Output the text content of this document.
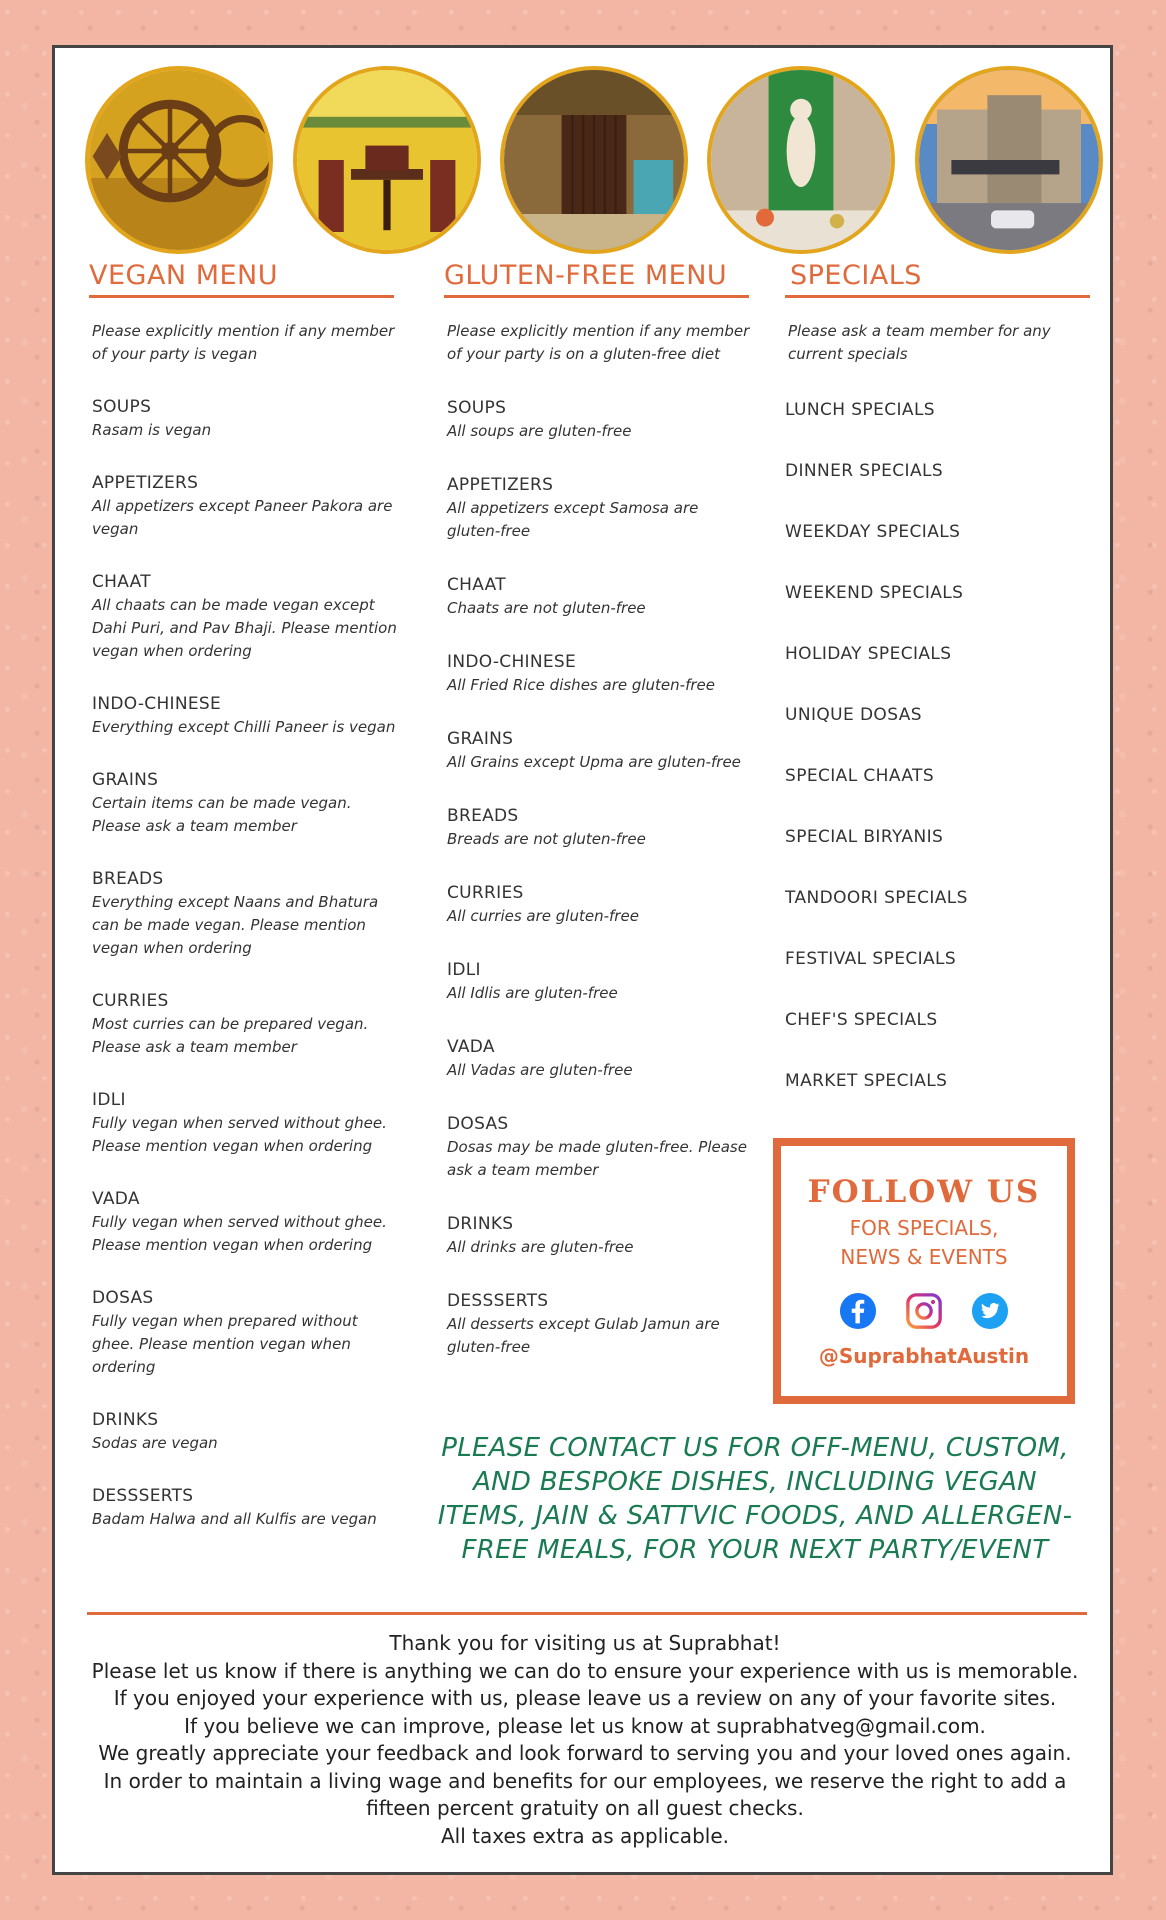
VEGAN MENU
Please explicitly mention if any member of your party is vegan
SOUPS
Rasam is vegan
APPETIZERS
All appetizers except Paneer Pakora are vegan
CHAAT
All chaats can be made vegan except Dahi Puri, and Pav Bhaji. Please mention vegan when ordering
INDO-CHINESE
Everything except Chilli Paneer is vegan
GRAINS
Certain items can be made vegan. Please ask a team member
BREADS
Everything except Naans and Bhatura can be made vegan. Please mention vegan when ordering
CURRIES
Most curries can be prepared vegan. Please ask a team member
IDLI
Fully vegan when served without ghee. Please mention vegan when ordering
VADA
Fully vegan when served without ghee. Please mention vegan when ordering
DOSAS
Fully vegan when prepared without ghee. Please mention vegan when ordering
DRINKS
Sodas are vegan
DESSSERTS
Badam Halwa and all Kulfis are vegan
GLUTEN-FREE MENU
Please explicitly mention if any member of your party is on a gluten-free diet
SOUPS
All soups are gluten-free
APPETIZERS
All appetizers except Samosa are gluten-free
CHAAT
Chaats are not gluten-free
INDO-CHINESE
All Fried Rice dishes are gluten-free
GRAINS
All Grains except Upma are gluten-free
BREADS
Breads are not gluten-free
CURRIES
All curries are gluten-free
IDLI
All Idlis are gluten-free
VADA
All Vadas are gluten-free
DOSAS
Dosas may be made gluten-free. Please ask a team member
DRINKS
All drinks are gluten-free
DESSSERTS
All desserts except Gulab Jamun are gluten-free
SPECIALS
Please ask a team member for any current specials
LUNCH SPECIALS
DINNER SPECIALS
WEEKDAY SPECIALS
WEEKEND SPECIALS
HOLIDAY SPECIALS
UNIQUE DOSAS
SPECIAL CHAATS
SPECIAL BIRYANIS
TANDOORI SPECIALS
FESTIVAL SPECIALS
CHEF'S SPECIALS
MARKET SPECIALS
FOLLOW US
FOR SPECIALS,
NEWS & EVENTS
@SuprabhatAustin
PLEASE CONTACT US FOR OFF-MENU, CUSTOM, AND BESPOKE DISHES, INCLUDING VEGAN ITEMS, JAIN & SATTVIC FOODS, AND ALLERGEN-FREE MEALS, FOR YOUR NEXT PARTY/EVENT
Thank you for visiting us at Suprabhat!
Please let us know if there is anything we can do to ensure your experience with us is memorable.
If you enjoyed your experience with us, please leave us a review on any of your favorite sites.
If you believe we can improve, please let us know at suprabhatveg@gmail.com.
We greatly appreciate your feedback and look forward to serving you and your loved ones again.
In order to maintain a living wage and benefits for our employees, we reserve the right to add a fifteen percent gratuity on all guest checks.
All taxes extra as applicable.
